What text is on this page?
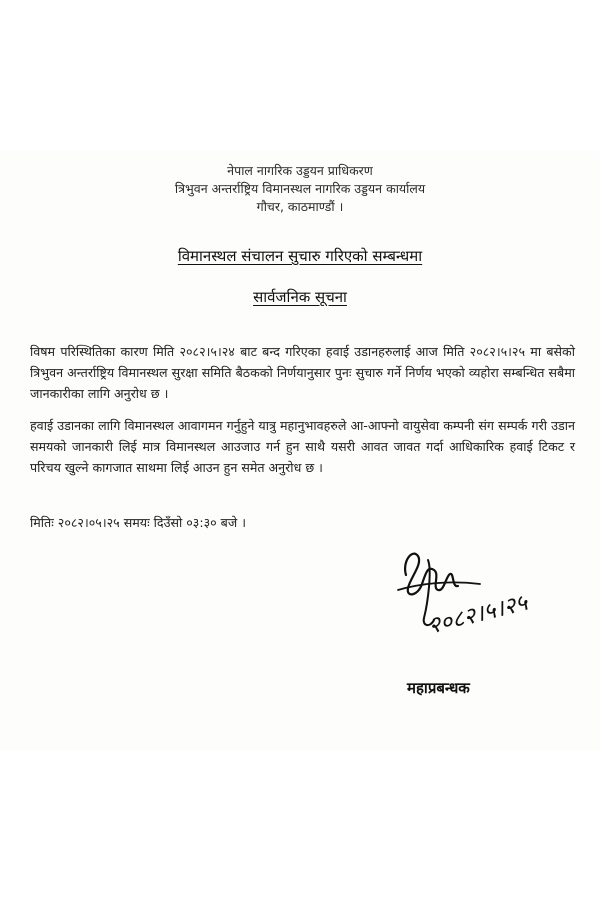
नेपाल नागरिक उड्डयन प्राधिकरण
त्रिभुवन अन्तर्राष्ट्रिय विमानस्थल नागरिक उड्डयन कार्यालय
गौचर, काठमाण्डौं ।
विमानस्थल संचालन सुचारु गरिएको सम्बन्धमा
सार्वजनिक सूचना
विषम परिस्थितिका कारण मिति २०८२।५।२४ बाट बन्द गरिएका हवाई उडानहरुलाई आज मिति २०८२।५।२५ मा बसेको त्रिभुवन अन्तर्राष्ट्रिय विमानस्थल सुरक्षा समिति बैठकको निर्णयानुसार पुनः सुचारु गर्ने निर्णय भएको व्यहोरा सम्बन्धित सबैमा जानकारीका लागि अनुरोध छ ।
हवाई उडानका लागि विमानस्थल आवागमन गर्नुहुने यात्रु महानुभावहरुले आ-आफ्नो वायुसेवा कम्पनी संग सम्पर्क गरी उडान समयको जानकारी लिई मात्र विमानस्थल आउजाउ गर्न हुन साथै यसरी आवत जावत गर्दा आधिकारिक हवाई टिकट र परिचय खुल्ने कागजात साथमा लिई आउन हुन समेत अनुरोध छ ।
मितिः २०८२।०५।२५ समयः दिउँसो ०३:३० बजे ।
२०८२।५।२५
महाप्रबन्धक
